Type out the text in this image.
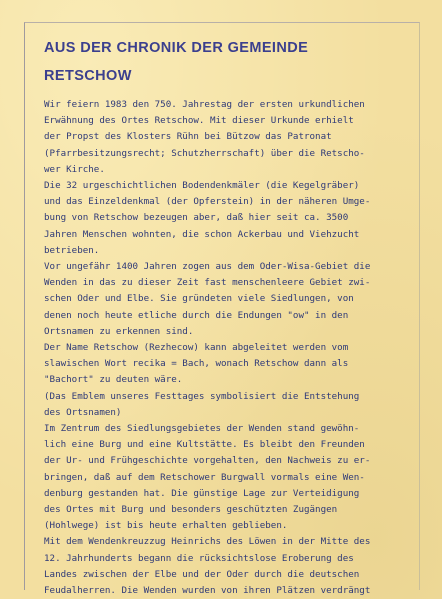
AUS DER CHRONIK DER GEMEINDE
RETSCHOW
Wir feiern 1983 den 750. Jahrestag der ersten urkundlichen
Erwähnung des Ortes Retschow. Mit dieser Urkunde erhielt
der Propst des Klosters Rühn bei Bützow das Patronat
(Pfarrbesitzungsrecht; Schutzherrschaft) über die Retscho-
wer Kirche.
Die 32 urgeschichtlichen Bodendenkmäler (die Kegelgräber)
und das Einzeldenkmal (der Opferstein) in der näheren Umge-
bung von Retschow bezeugen aber, daß hier seit ca. 3500
Jahren Menschen wohnten, die schon Ackerbau und Viehzucht
betrieben.
Vor ungefähr 1400 Jahren zogen aus dem Oder-Wisa-Gebiet die
Wenden in das zu dieser Zeit fast menschenleere Gebiet zwi-
schen Oder und Elbe. Sie gründeten viele Siedlungen, von
denen noch heute etliche durch die Endungen "ow" in den
Ortsnamen zu erkennen sind.
Der Name Retschow (Rezhecow) kann abgeleitet werden vom
slawischen Wort recika = Bach, wonach Retschow dann als
"Bachort" zu deuten wäre.
(Das Emblem unseres Festtages symbolisiert die Entstehung
des Ortsnamen)
Im Zentrum des Siedlungsgebietes der Wenden stand gewöhn-
lich eine Burg und eine Kultstätte. Es bleibt den Freunden
der Ur- und Frühgeschichte vorgehalten, den Nachweis zu er-
bringen, daß auf dem Retschower Burgwall vormals eine Wen-
denburg gestanden hat. Die günstige Lage zur Verteidigung
des Ortes mit Burg und besonders geschützten Zugängen
(Hohlwege) ist bis heute erhalten geblieben.
Mit dem Wendenkreuzzug Heinrichs des Löwen in der Mitte des
12. Jahrhunderts begann die rücksichtslose Eroberung des
Landes zwischen der Elbe und der Oder durch die deutschen
Feudalherren. Die Wenden wurden von ihren Plätzen verdrängt
